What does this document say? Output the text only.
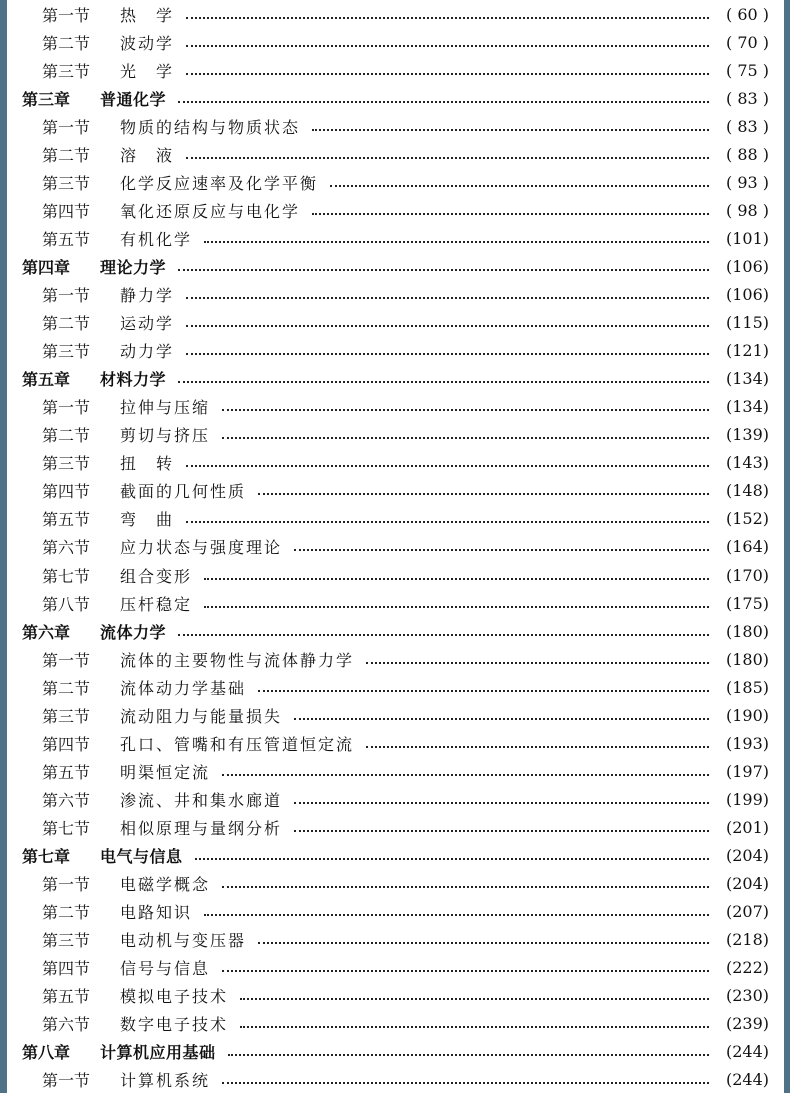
第一节	热　学	( 60 )
第二节	波动学	( 70 )
第三节	光　学	( 75 )
第三章	普通化学	( 83 )
第一节	物质的结构与物质状态	( 83 )
第二节	溶　液	( 88 )
第三节	化学反应速率及化学平衡	( 93 )
第四节	氧化还原反应与电化学	( 98 )
第五节	有机化学	(101)
第四章	理论力学	(106)
第一节	静力学	(106)
第二节	运动学	(115)
第三节	动力学	(121)
第五章	材料力学	(134)
第一节	拉伸与压缩	(134)
第二节	剪切与挤压	(139)
第三节	扭　转	(143)
第四节	截面的几何性质	(148)
第五节	弯　曲	(152)
第六节	应力状态与强度理论	(164)
第七节	组合变形	(170)
第八节	压杆稳定	(175)
第六章	流体力学	(180)
第一节	流体的主要物性与流体静力学	(180)
第二节	流体动力学基础	(185)
第三节	流动阻力与能量损失	(190)
第四节	孔口、管嘴和有压管道恒定流	(193)
第五节	明渠恒定流	(197)
第六节	渗流、井和集水廊道	(199)
第七节	相似原理与量纲分析	(201)
第七章	电气与信息	(204)
第一节	电磁学概念	(204)
第二节	电路知识	(207)
第三节	电动机与变压器	(218)
第四节	信号与信息	(222)
第五节	模拟电子技术	(230)
第六节	数字电子技术	(239)
第八章	计算机应用基础	(244)
第一节	计算机系统	(244)
